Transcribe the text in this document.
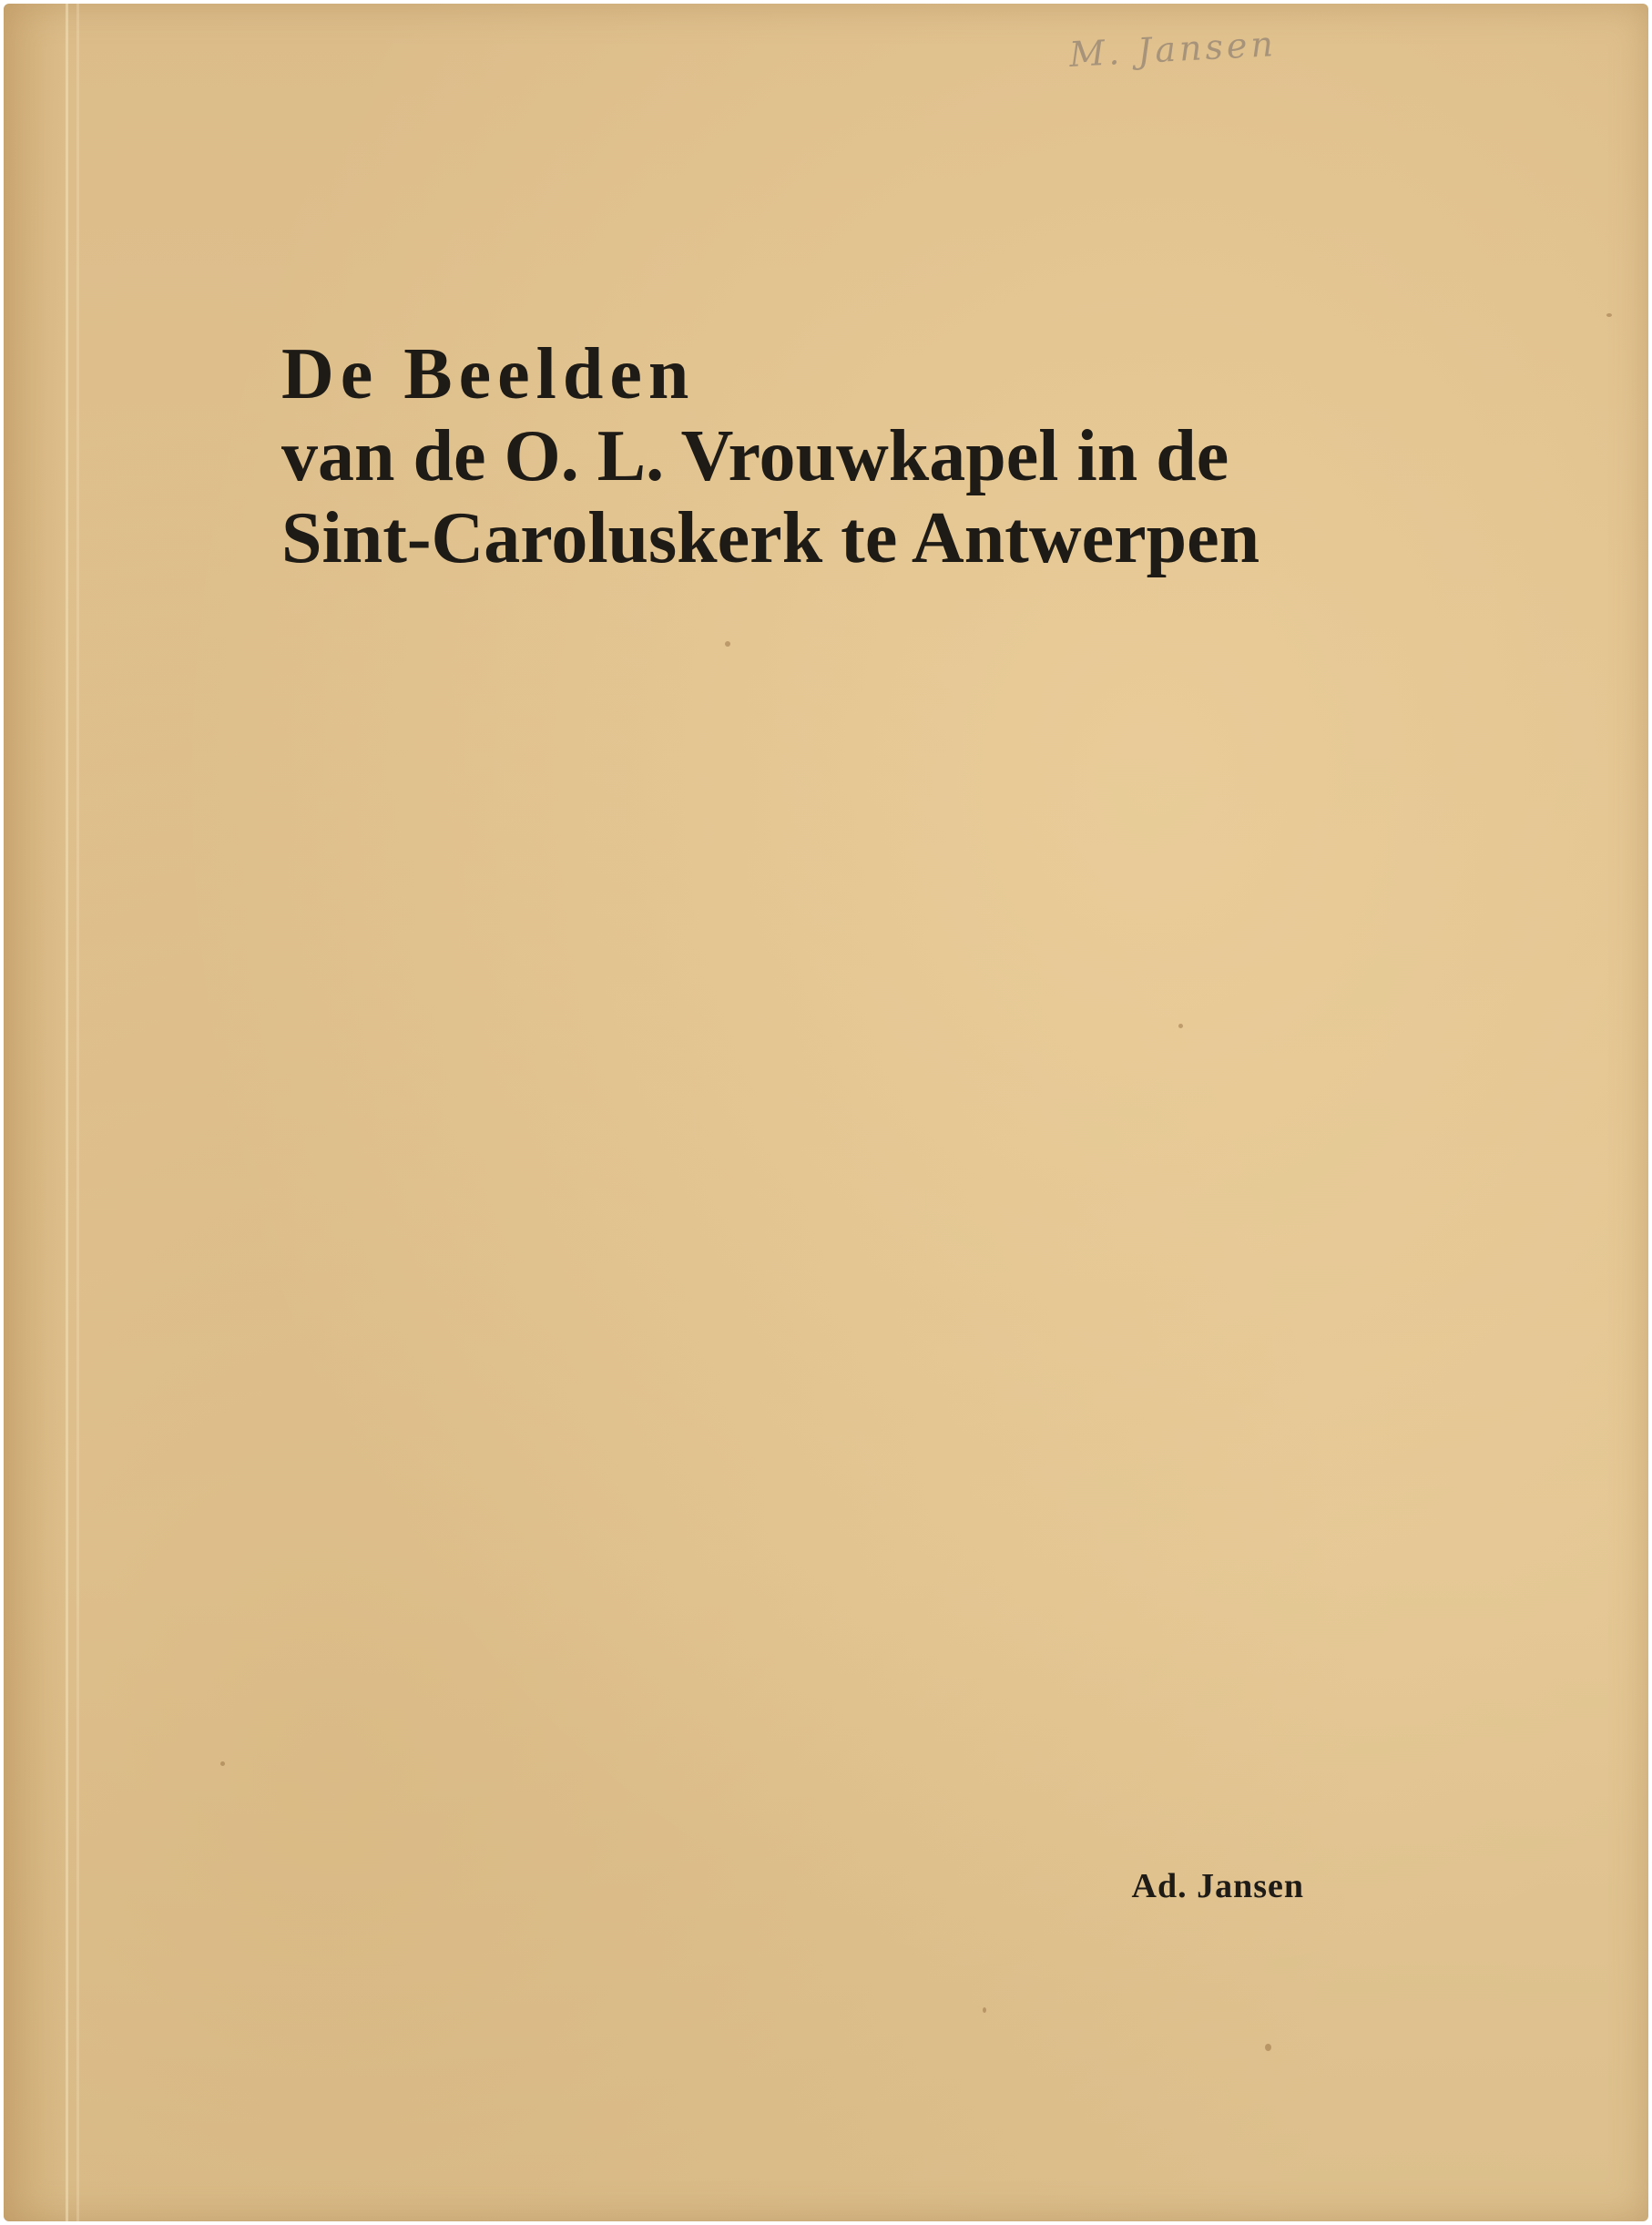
M. Jansen

De Beelden
van de O. L. Vrouwkapel in de
Sint-Caroluskerk te Antwerpen

Ad. Jansen
